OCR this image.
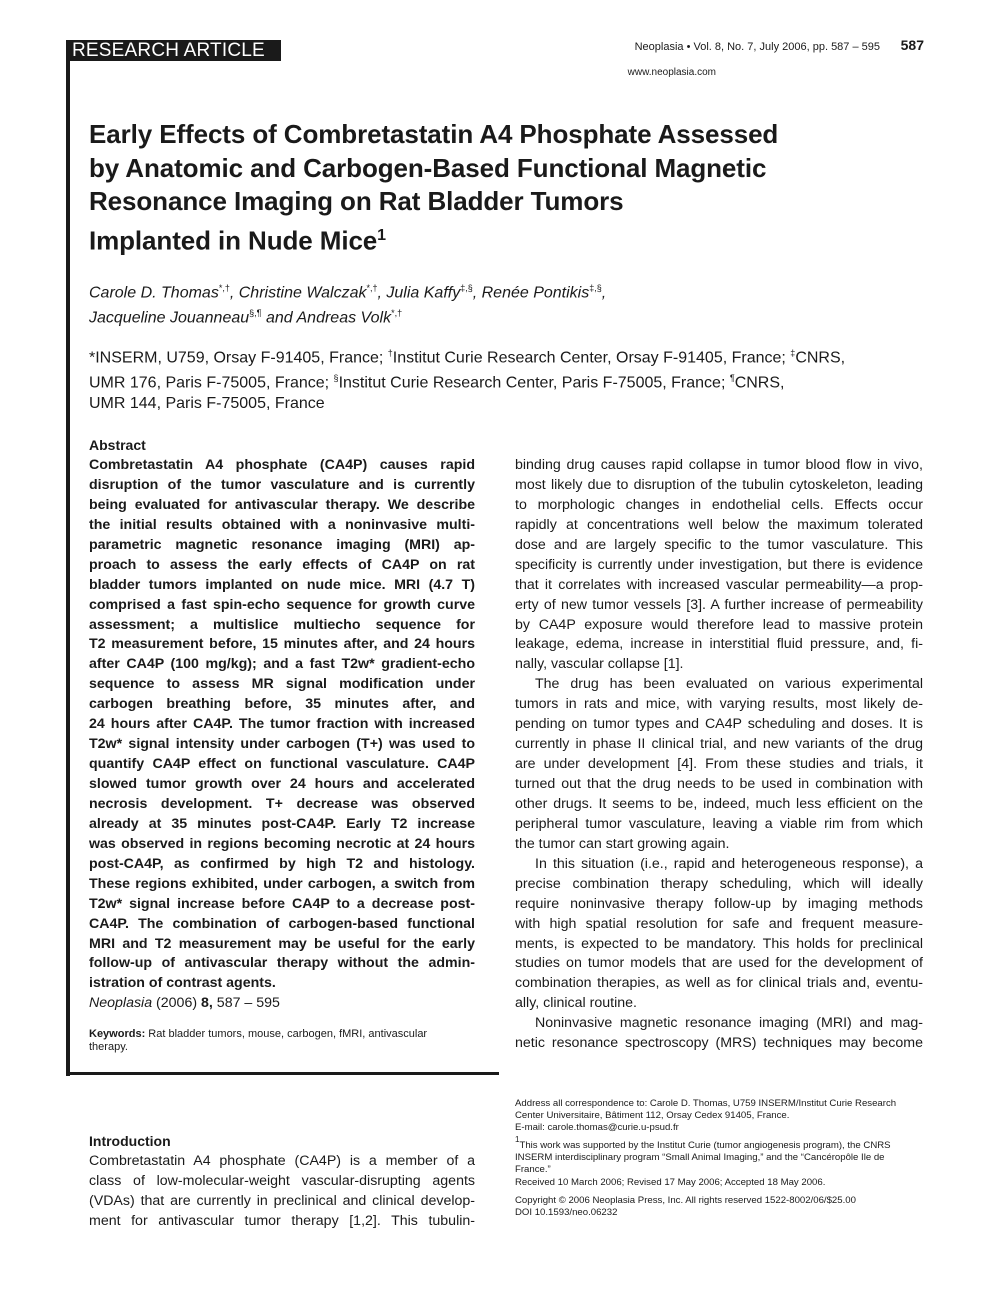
RESEARCH ARTICLE	Neoplasia • Vol. 8, No. 7, July 2006, pp. 587 – 595	587
www.neoplasia.com
Early Effects of Combretastatin A4 Phosphate Assessed
by Anatomic and Carbogen-Based Functional Magnetic
Resonance Imaging on Rat Bladder Tumors
Implanted in Nude Mice$^1$
Carole D. Thomas*,†, Christine Walczak*,†, Julia Kaffy‡,§, Renée Pontikis‡,§,
Jacqueline Jouanneau§,¶ and Andreas Volk*,†
*INSERM, U759, Orsay F-91405, France; †Institut Curie Research Center, Orsay F-91405, France; ‡CNRS,
UMR 176, Paris F-75005, France; §Institut Curie Research Center, Paris F-75005, France; ¶CNRS,
UMR 144, Paris F-75005, France
Abstract
Combretastatin A4 phosphate (CA4P) causes rapid
disruption of the tumor vasculature and is currently
being evaluated for antivascular therapy. We describe
the initial results obtained with a noninvasive multi-
parametric magnetic resonance imaging (MRI) ap-
proach to assess the early effects of CA4P on rat
bladder tumors implanted on nude mice. MRI (4.7 T)
comprised a fast spin-echo sequence for growth curve
assessment; a multislice multiecho sequence for
T2 measurement before, 15 minutes after, and 24 hours
after CA4P (100 mg/kg); and a fast T2w* gradient-echo
sequence to assess MR signal modification under
carbogen breathing before, 35 minutes after, and
24 hours after CA4P. The tumor fraction with increased
T2w* signal intensity under carbogen (T+) was used to
quantify CA4P effect on functional vasculature. CA4P
slowed tumor growth over 24 hours and accelerated
necrosis development. T+ decrease was observed
already at 35 minutes post-CA4P. Early T2 increase
was observed in regions becoming necrotic at 24 hours
post-CA4P, as confirmed by high T2 and histology.
These regions exhibited, under carbogen, a switch from
T2w* signal increase before CA4P to a decrease post-
CA4P. The combination of carbogen-based functional
MRI and T2 measurement may be useful for the early
follow-up of antivascular therapy without the admin-
istration of contrast agents.
Neoplasia (2006) 8, 587 – 595
Keywords: Rat bladder tumors, mouse, carbogen, fMRI, antivascular
therapy.
Introduction
Combretastatin A4 phosphate (CA4P) is a member of a
class of low-molecular-weight vascular-disrupting agents
(VDAs) that are currently in preclinical and clinical develop-
ment for antivascular tumor therapy [1,2]. This tubulin-
binding drug causes rapid collapse in tumor blood flow in vivo,
most likely due to disruption of the tubulin cytoskeleton, leading
to morphologic changes in endothelial cells. Effects occur
rapidly at concentrations well below the maximum tolerated
dose and are largely specific to the tumor vasculature. This
specificity is currently under investigation, but there is evidence
that it correlates with increased vascular permeability—a prop-
erty of new tumor vessels [3]. A further increase of permeability
by CA4P exposure would therefore lead to massive protein
leakage, edema, increase in interstitial fluid pressure, and, fi-
nally, vascular collapse [1].
The drug has been evaluated on various experimental
tumors in rats and mice, with varying results, most likely de-
pending on tumor types and CA4P scheduling and doses. It is
currently in phase II clinical trial, and new variants of the drug
are under development [4]. From these studies and trials, it
turned out that the drug needs to be used in combination with
other drugs. It seems to be, indeed, much less efficient on the
peripheral tumor vasculature, leaving a viable rim from which
the tumor can start growing again.
In this situation (i.e., rapid and heterogeneous response), a
precise combination therapy scheduling, which will ideally
require noninvasive therapy follow-up by imaging methods
with high spatial resolution for safe and frequent measure-
ments, is expected to be mandatory. This holds for preclinical
studies on tumor models that are used for the development of
combination therapies, as well as for clinical trials and, eventu-
ally, clinical routine.
Noninvasive magnetic resonance imaging (MRI) and mag-
netic resonance spectroscopy (MRS) techniques may become
Address all correspondence to: Carole D. Thomas, U759 INSERM/Institut Curie Research
Center Universitaire, Bâtiment 112, Orsay Cedex 91405, France.
E-mail: carole.thomas@curie.u-psud.fr
$^1$This work was supported by the Institut Curie (tumor angiogenesis program), the CNRS
INSERM interdisciplinary program “Small Animal Imaging,” and the “Cancéropôle Ile de
France.”
Received 10 March 2006; Revised 17 May 2006; Accepted 18 May 2006.
Copyright © 2006 Neoplasia Press, Inc. All rights reserved 1522-8002/06/$25.00
DOI 10.1593/neo.06232
